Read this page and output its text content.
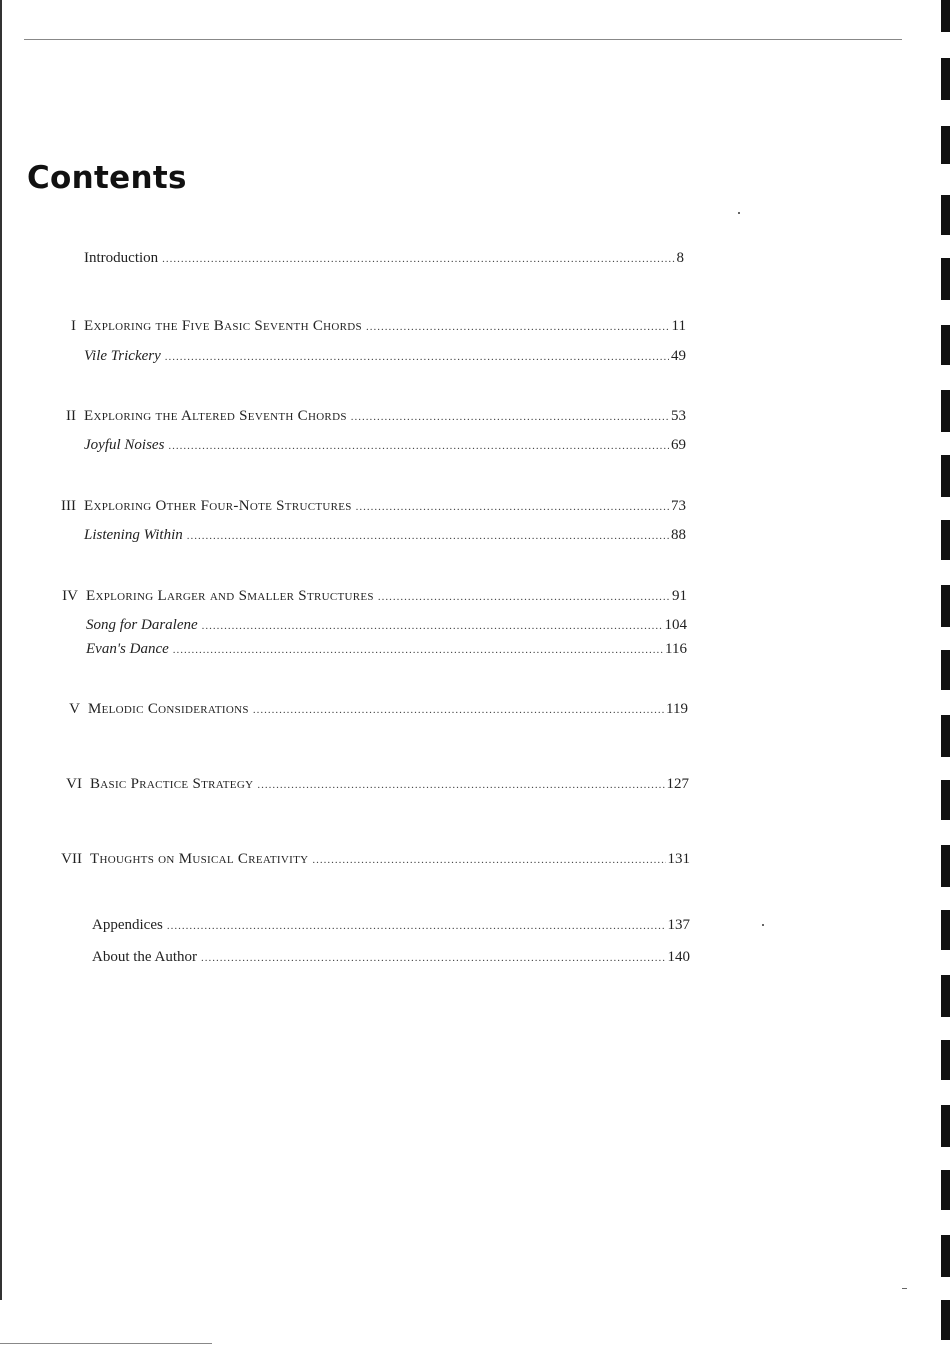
Contents
Introduction .....	8
I Exploring the Five Basic Seventh Chords .....	11
Vile Trickery .....	49
II Exploring the Altered Seventh Chords .....	53
Joyful Noises .....	69
III Exploring Other Four-Note Structures .....	73
Listening Within .....	88
IV Exploring Larger and Smaller Structures .....	91
Song for Daralene .....	104
Evan's Dance .....	116
V Melodic Considerations .....	119
VI Basic Practice Strategy .....	127
VII Thoughts on Musical Creativity .....	131
Appendices .....	137
About the Author .....	140
